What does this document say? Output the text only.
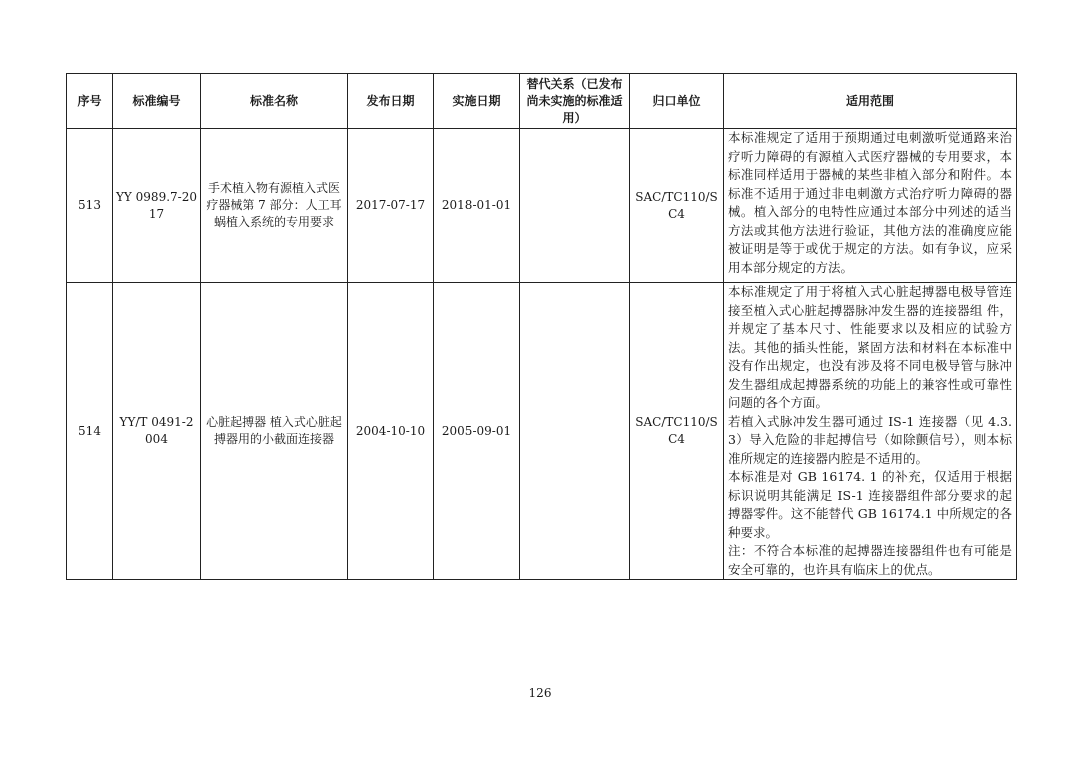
序号	标准编号	标准名称	发布日期	实施日期	替代关系（已发布尚未实施的标准适用）	归口单位	适用范围
513	YY 0989.7-2017	手术植入物有源植入式医疗器械第 7 部分：人工耳蜗植入系统的专用要求	2017-07-17	2018-01-01		SAC/TC110/SC4	本标准规定了适用于预期通过电刺激听觉通路来治疗听力障碍的有源植入式医疗器械的专用要求，本标准同样适用于器械的某些非植入部分和附件。本标准不适用于通过非电刺激方式治疗听力障碍的器械。植入部分的电特性应通过本部分中列述的适当方法或其他方法进行验证，其他方法的准确度应能被证明是等于或优于规定的方法。如有争议，应采用本部分规定的方法。

514	YY/T 0491-2004	心脏起搏器 植入式心脏起搏器用的小截面连接器	2004-10-10	2005-09-01		SAC/TC110/SC4	本标准规定了用于将植入式心脏起搏器电极导管连接至植入式心脏起搏器脉冲发生器的连接器组 件，并规定了基本尺寸、性能要求以及相应的试验方法。其他的插头性能，紧固方法和材料在本标准中 没有作出规定，也没有涉及将不同电极导管与脉冲发生器组成起搏器系统的功能上的兼容性或可靠性 问题的各个方面。

若植入式脉冲发生器可通过 IS-1 连接器（见 4.3.3）导入危险的非起搏信号（如除颤信号），则本标 准所规定的连接器内腔是不适用的。

本标准是对 GB 16174. 1 的补充，仅适用于根据标识说明其能满足 IS-1 连接器组件部分要求的起 搏器零件。这不能替代 GB 16174.1 中所规定的各种要求。

注：不符合本标准的起搏器连接器组件也有可能是安全可靠的，也许具有临床上的优点。

126
